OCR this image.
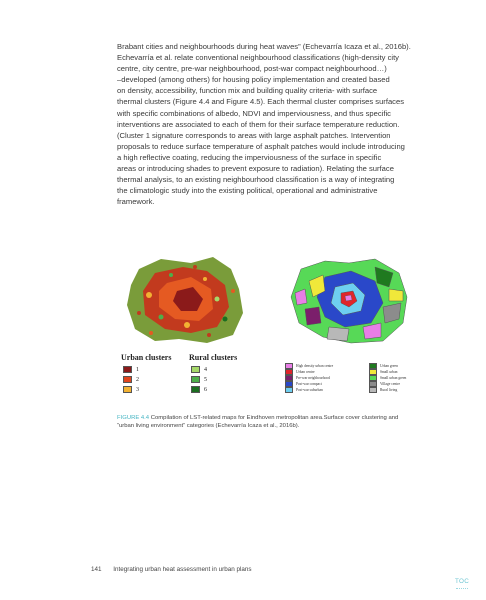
Brabant cities and neighbourhoods during heat waves” (Echevarría Icaza et al., 2016b).
Echevarría et al. relate conventional neighbourhood classifications (high-density city
centre, city centre, pre-war neighbourhood, post-war compact neighbourhood…)
–developed (among others) for housing policy implementation and created based
on density, accessibility, function mix and building quality criteria- with surface
thermal clusters (Figure 4.4 and Figure 4.5). Each thermal cluster comprises surfaces
with specific combinations of albedo, NDVI and imperviousness, and thus specific
interventions are associated to each of them for their surface temperature reduction.
(Cluster 1 signature corresponds to areas with large asphalt patches. Intervention
proposals to reduce surface temperature of asphalt patches would include introducing
a high reflective coating, reducing the imperviousness of the surface in specific
areas or introducing shades to prevent exposure to radiation). Relating the surface
thermal analysis, to an existing neighbourhood classification is a way of integrating
the climatologic study into the existing political, operational and administrative
framework.
Urban clusters Rural clusters
1
2
3
4
5
6
High density urban centre
Urban centre
Pre-war neighbourhood
Post-war compact
Post-war suburban
Urban green
Small urban
Small urban green
Village centre
Rural living
FIGURE 4.4 Compilation of LST-related maps for Eindhoven metropolitan area.Surface cover clustering and
“urban living environment” categories (Echevarría Icaza et al., 2016b).
141 Integrating urban heat assessment in urban plans
TOC
